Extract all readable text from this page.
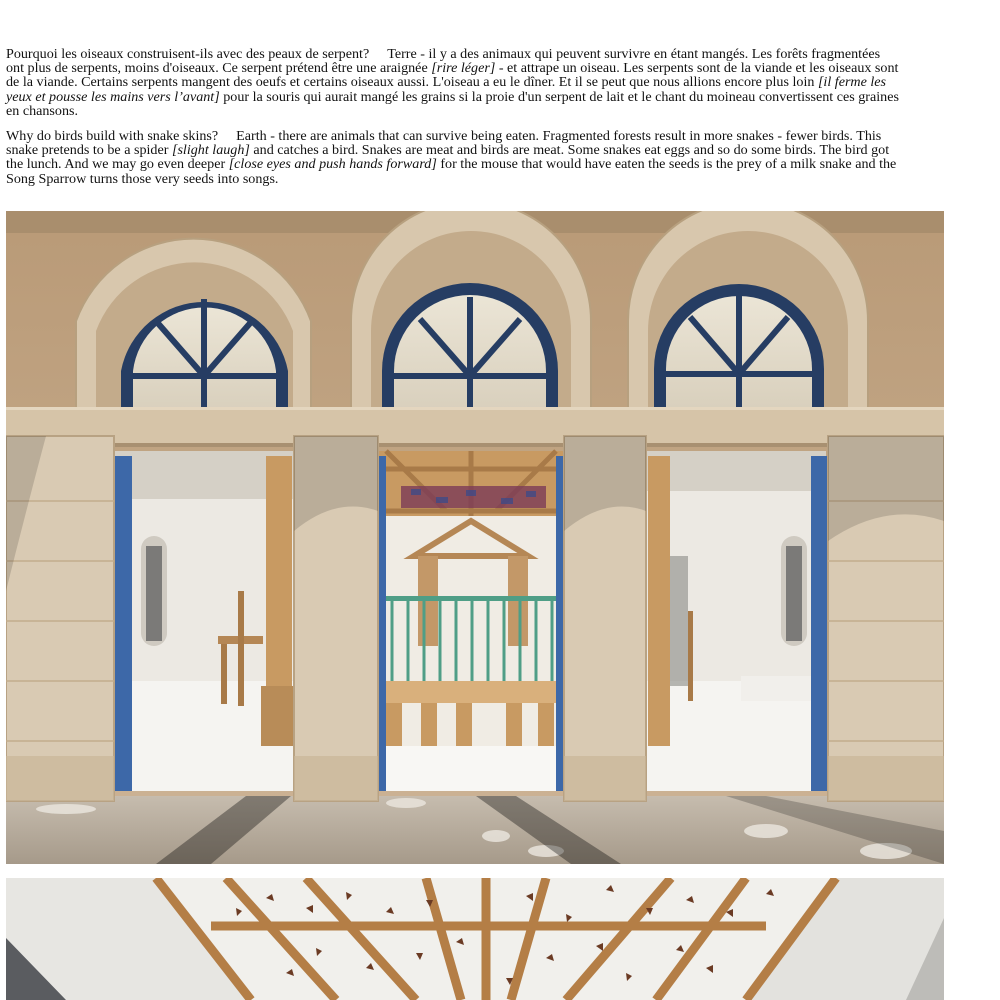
Pourquoi les oiseaux construisent-ils avec des peaux de serpent? Terre - il y a des animaux qui peuvent survivre en étant mangés. Les forêts fragmentées ont plus de serpents, moins d'oiseaux. Ce serpent prétend être une araignée [rire léger] - et attrape un oiseau. Les serpents sont de la viande et les oiseaux sont de la viande. Certains serpents mangent des oeufs et certains oiseaux aussi. L'oiseau a eu le dîner. Et il se peut que nous allions encore plus loin [il ferme les yeux et pousse les mains vers l’avant] pour la souris qui aurait mangé les grains si la proie d'un serpent de lait et le chant du moineau convertissent ces graines en chansons.

Why do birds build with snake skins? Earth - there are animals that can survive being eaten. Fragmented forests result in more snakes - fewer birds. This snake pretends to be a spider [slight laugh] and catches a bird. Snakes are meat and birds are meat. Some snakes eat eggs and so do some birds. The bird got the lunch. And we may go even deeper [close eyes and push hands forward] for the mouse that would have eaten the seeds is the prey of a milk snake and the Song Sparrow turns those very seeds into songs.
